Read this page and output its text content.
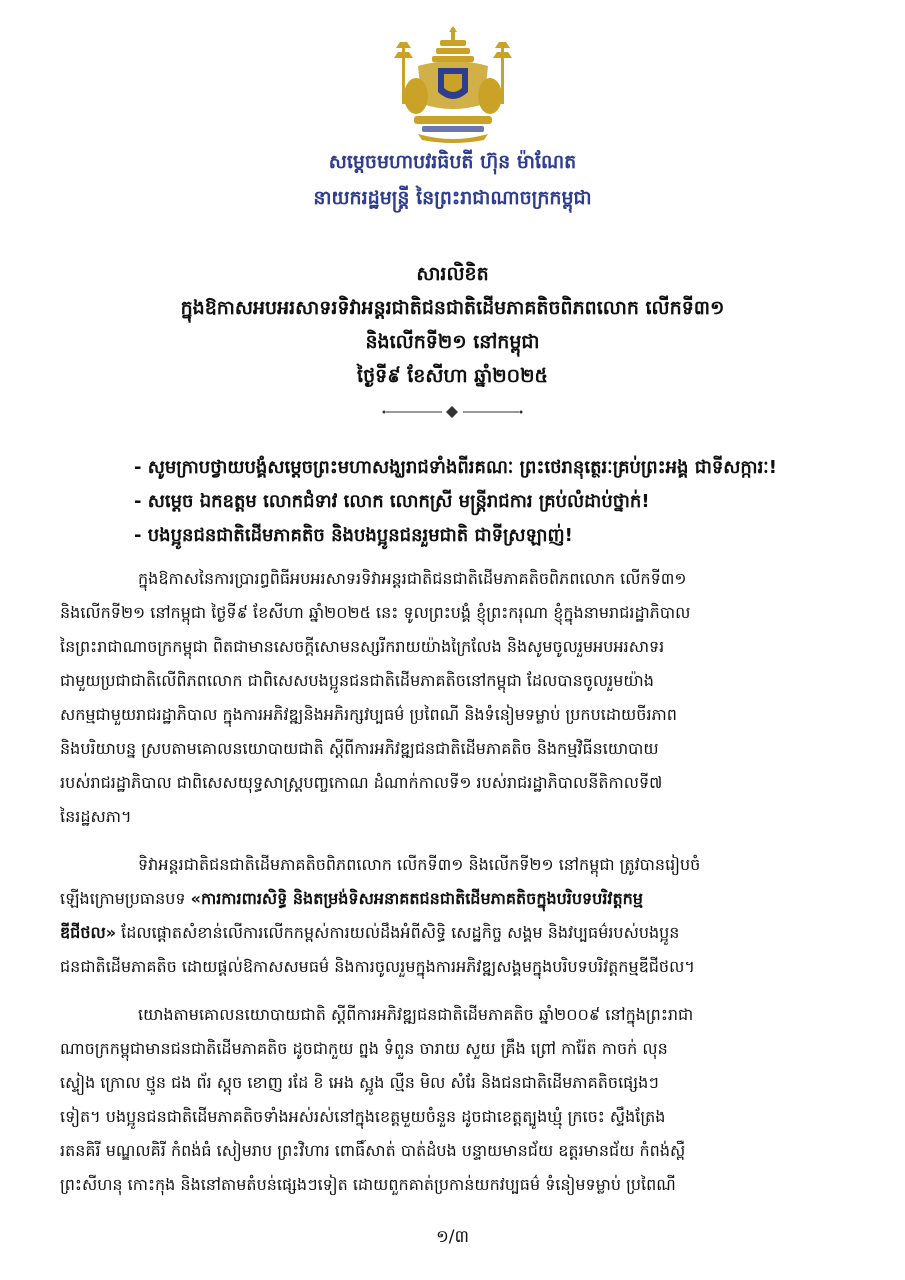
សម្តេចមហាបវរធិបតី ហ៊ុន ម៉ាណែត
នាយករដ្ឋមន្ត្រី នៃព្រះរាជាណាចក្រកម្ពុជា
សារលិខិត
ក្នុងឱកាសអបអរសាទរទិវាអន្តរជាតិជនជាតិដើមភាគតិចពិភពលោក លើកទី៣១
និងលើកទី២១ នៅកម្ពុជា
ថ្ងៃទី៩ ខែសីហា ឆ្នាំ២០២៥
- សូមក្រាបថ្វាយបង្គំសម្តេចព្រះមហាសង្ឃរាជទាំងពីរគណៈ ព្រះថេរានុត្ថេរៈគ្រប់ព្រះអង្គ ជាទីសក្ការៈ!
- សម្តេច ឯកឧត្តម លោកជំទាវ លោក លោកស្រី មន្ត្រីរាជការ គ្រប់លំដាប់ថ្នាក់!
- បងប្អូនជនជាតិដើមភាគតិច និងបងប្អូនជនរួមជាតិ ជាទីស្រឡាញ់!
ក្នុងឱកាសនៃការប្រារព្ធពិធីអបអរសាទរទិវាអន្តរជាតិជនជាតិដើមភាគតិចពិភពលោក លើកទី៣១
និងលើកទី២១ នៅកម្ពុជា ថ្ងៃទី៩ ខែសីហា ឆ្នាំ២០២៥ នេះ ទូលព្រះបង្គំ ខ្ញុំព្រះករុណា ខ្ញុំក្នុងនាមរាជរដ្ឋាភិបាល
នៃព្រះរាជាណាចក្រកម្ពុជា ពិតជាមានសេចក្តីសោមនស្សរីករាយយ៉ាងក្រៃលែង និងសូមចូលរួមអបអរសាទរ
ជាមួយប្រជាជាតិលើពិភពលោក ជាពិសេសបងប្អូនជនជាតិដើមភាគតិចនៅកម្ពុជា ដែលបានចូលរួមយ៉ាង
សកម្មជាមួយរាជរដ្ឋាភិបាល ក្នុងការអភិវឌ្ឍនិងអភិរក្សវប្បធម៌ ប្រពៃណី និងទំនៀមទម្លាប់ ប្រកបដោយចីរភាព
និងបរិយាបន្ន ស្របតាមគោលនយោបាយជាតិ ស្តីពីការអភិវឌ្ឍជនជាតិដើមភាគតិច និងកម្មវិធីនយោបាយ
របស់រាជរដ្ឋាភិបាល ជាពិសេសយុទ្ធសាស្ត្របញ្ចកោណ ដំណាក់កាលទី១ របស់រាជរដ្ឋាភិបាលនីតិកាលទី៧
នៃរដ្ឋសភា។
ទិវាអន្តរជាតិជនជាតិដើមភាគតិចពិភពលោក លើកទី៣១ និងលើកទី២១ នៅកម្ពុជា ត្រូវបានរៀបចំ
ឡើងក្រោមប្រធានបទ «ការការពារសិទ្ធិ និងតម្រង់ទិសអនាគតជនជាតិដើមភាគតិចក្នុងបរិបទបរិវត្តកម្ម
ឌីជីថល» ដែលផ្តោតសំខាន់លើការលើកកម្ពស់ការយល់ដឹងអំពីសិទ្ធិ សេដ្ឋកិច្ច សង្គម និងវប្បធម៌របស់បងប្អូន
ជនជាតិដើមភាគតិច ដោយផ្តល់ឱកាសសមធម៌ និងការចូលរួមក្នុងការអភិវឌ្ឍសង្គមក្នុងបរិបទបរិវត្តកម្មឌីជីថល។
យោងតាមគោលនយោបាយជាតិ ស្តីពីការអភិវឌ្ឍជនជាតិដើមភាគតិច ឆ្នាំ២០០៩ នៅក្នុងព្រះរាជា
ណាចក្រកម្ពុជាមានជនជាតិដើមភាគតិច ដូចជាកួយ ព្នង ទំពួន ចារាយ សួយ គ្រឹង ព្រៅ ការ៉ែត កាចក់ លុន
ស្ទៀង ក្រោល ថ្មូន ជង ព័រ ស្តុច ខោញ រដែ ខិ អេង ស្អូង ល្មឺន មិល សំរែ និងជនជាតិដើមភាគតិចផ្សេងៗ
ទៀត។ បងប្អូនជនជាតិដើមភាគតិចទាំងអស់រស់នៅក្នុងខេត្តមួយចំនួន ដូចជាខេត្តត្បូងឃ្មុំ ក្រចេះ ស្ទឹងត្រែង
រតនគិរី មណ្ឌលគិរី កំពង់ធំ សៀមរាប ព្រះវិហារ ពោធិ៍សាត់ បាត់ដំបង បន្ទាយមានជ័យ ឧត្តរមានជ័យ កំពង់ស្ពឺ
ព្រះសីហនុ កោះកុង និងនៅតាមតំបន់ផ្សេងៗទៀត ដោយពួកគាត់ប្រកាន់យកវប្បធម៌ ទំនៀមទម្លាប់ ប្រពៃណី
១/៣
